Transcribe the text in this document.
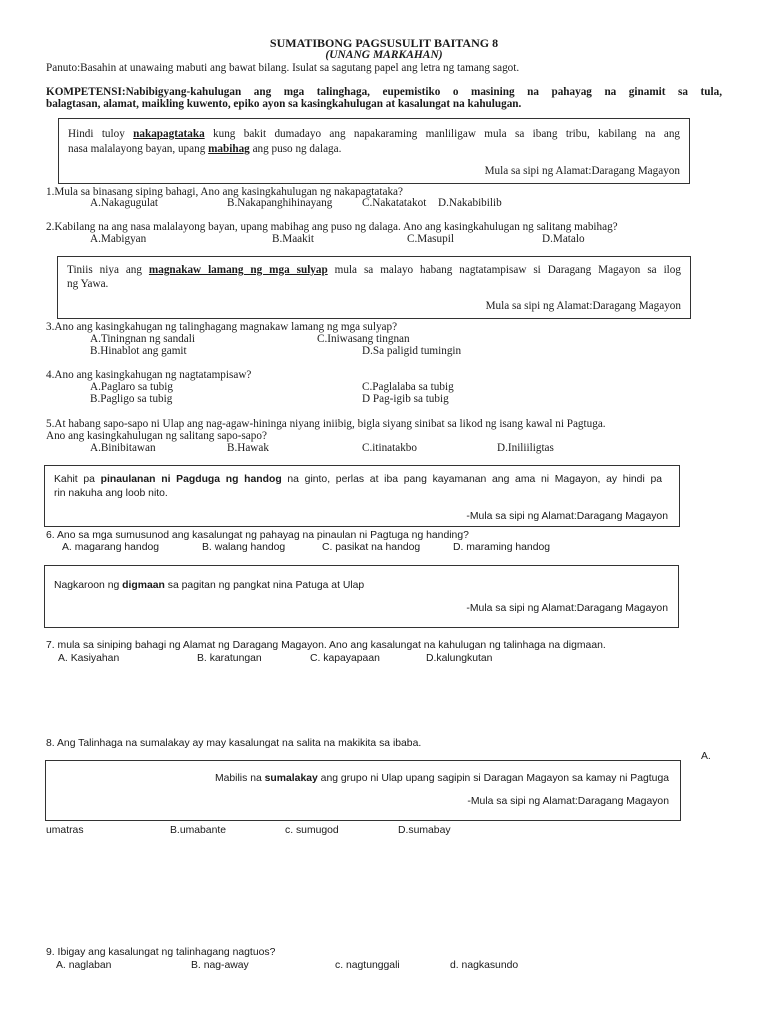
SUMATIBONG PAGSUSULIT BAITANG 8
(UNANG MARKAHAN)
Panuto:Basahin at unawaing mabuti ang bawat bilang. Isulat sa sagutang papel ang letra ng tamang sagot.
KOMPETENSI:Nabibigyang-kahulugan ang mga talinghaga, eupemistiko o masining na pahayag na ginamit sa tula,
balagtasan, alamat, maikling kuwento, epiko ayon sa kasingkahulugan at kasalungat na kahulugan.
Hindi tuloy nakapagtataka kung bakit dumadayo ang napakaraming manliligaw mula sa ibang tribu, kabilang na ang
nasa malalayong bayan, upang mabihag ang puso ng dalaga.
Mula sa sipi ng Alamat:Daragang Magayon
1.Mula sa binasang siping bahagi, Ano ang kasingkahulugan ng nakapagtataka?
A.Nakagugulat	B.Nakapanghihinayang	C.Nakatatakot D.Nakabibilib
2.Kabilang na ang nasa malalayong bayan, upang mabihag ang puso ng dalaga. Ano ang kasingkahulugan ng salitang mabihag?
A.Mabigyan	B.Maakit	C.Masupil	D.Matalo
Tiniis niya ang magnakaw lamang ng mga sulyap mula sa malayo habang nagtatampisaw si Daragang Magayon sa ilog
ng Yawa.
Mula sa sipi ng Alamat:Daragang Magayon
3.Ano ang kasingkahugan ng talinghagang magnakaw lamang ng mga sulyap?
A.Tiningnan ng sandali	C.Iniwasang tingnan
B.Hinablot ang gamit	D.Sa paligid tumingin
4.Ano ang kasingkahugan ng nagtatampisaw?
A.Paglaro sa tubig	C.Paglalaba sa tubig
B.Pagligo sa tubig	D Pag-igib sa tubig
5.At habang sapo-sapo ni Ulap ang nag-agaw-hininga niyang iniibig, bigla siyang sinibat sa likod ng isang kawal ni Pagtuga.
Ano ang kasingkahulugan ng salitang sapo-sapo?
A.Binibitawan	B.Hawak	C.itinatakbo	D.Iniliiligtas
Kahit pa pinaulanan ni Pagduga ng handog na ginto, perlas at iba pang kayamanan ang ama ni Magayon, ay hindi pa
rin nakuha ang loob nito.
-Mula sa sipi ng Alamat:Daragang Magayon
6. Ano sa mga sumusunod ang kasalungat ng pahayag na pinaulan ni Pagtuga ng handing?
A. magarang handog	B. walang handog	C. pasikat na handog	D. maraming handog
Nagkaroon ng digmaan sa pagitan ng pangkat nina Patuga at Ulap
-Mula sa sipi ng Alamat:Daragang Magayon
7. mula sa siniping bahagi ng Alamat ng Daragang Magayon. Ano ang kasalungat na kahulugan ng talinhaga na digmaan.
A. Kasiyahan	B. karatungan	C. kapayapaan	D.kalungkutan
8. Ang Talinhaga na sumalakay ay may kasalungat na salita na makikita sa ibaba.
A.
Mabilis na sumalakay ang grupo ni Ulap upang sagipin si Daragan Magayon sa kamay ni Pagtuga
-Mula sa sipi ng Alamat:Daragang Magayon
umatras	B.umabante	c. sumugod	D.sumabay
9. Ibigay ang kasalungat ng talinhagang nagtuos?
A. naglaban	B. nag-away	c. nagtunggali	d. nagkasundo
